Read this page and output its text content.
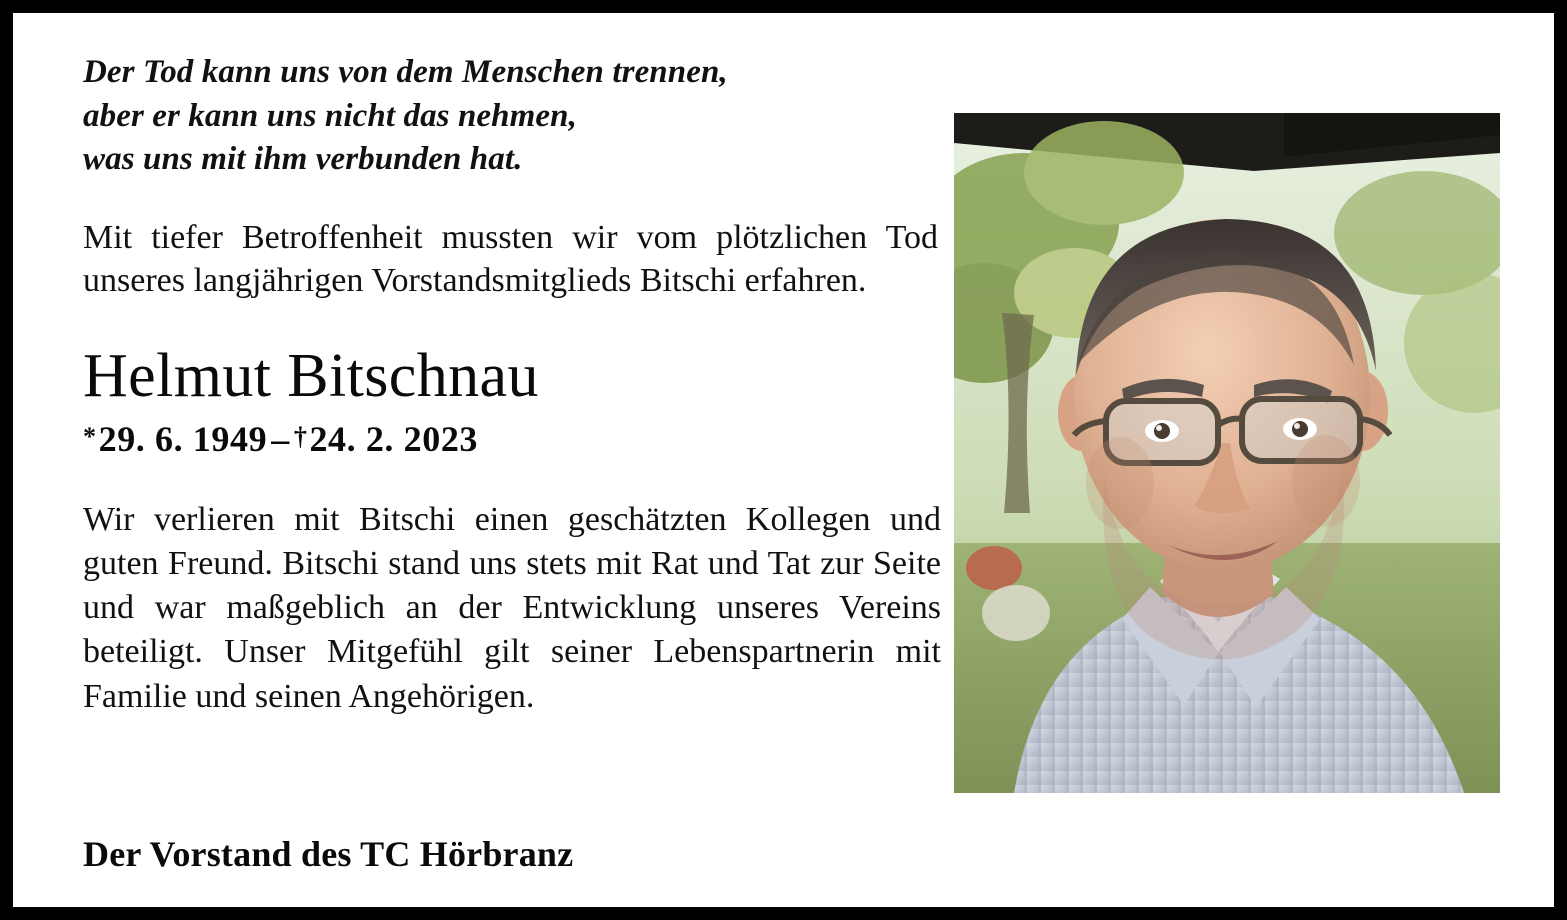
Der Tod kann uns von dem Menschen trennen,
aber er kann uns nicht das nehmen,
was uns mit ihm verbunden hat.
Mit tiefer Betroffenheit mussten wir vom plötzlichen Tod unseres langjährigen Vorstandsmitglieds Bitschi erfahren.
Helmut Bitschnau
*29. 6. 1949 – †24. 2. 2023
Wir verlieren mit Bitschi einen geschätzten Kollegen und guten Freund. Bitschi stand uns stets mit Rat und Tat zur Seite und war maßgeblich an der Entwicklung unseres Vereins beteiligt. Unser Mitgefühl gilt seiner Lebenspartnerin mit Familie und seinen Angehörigen.
Der Vorstand des TC Hörbranz
